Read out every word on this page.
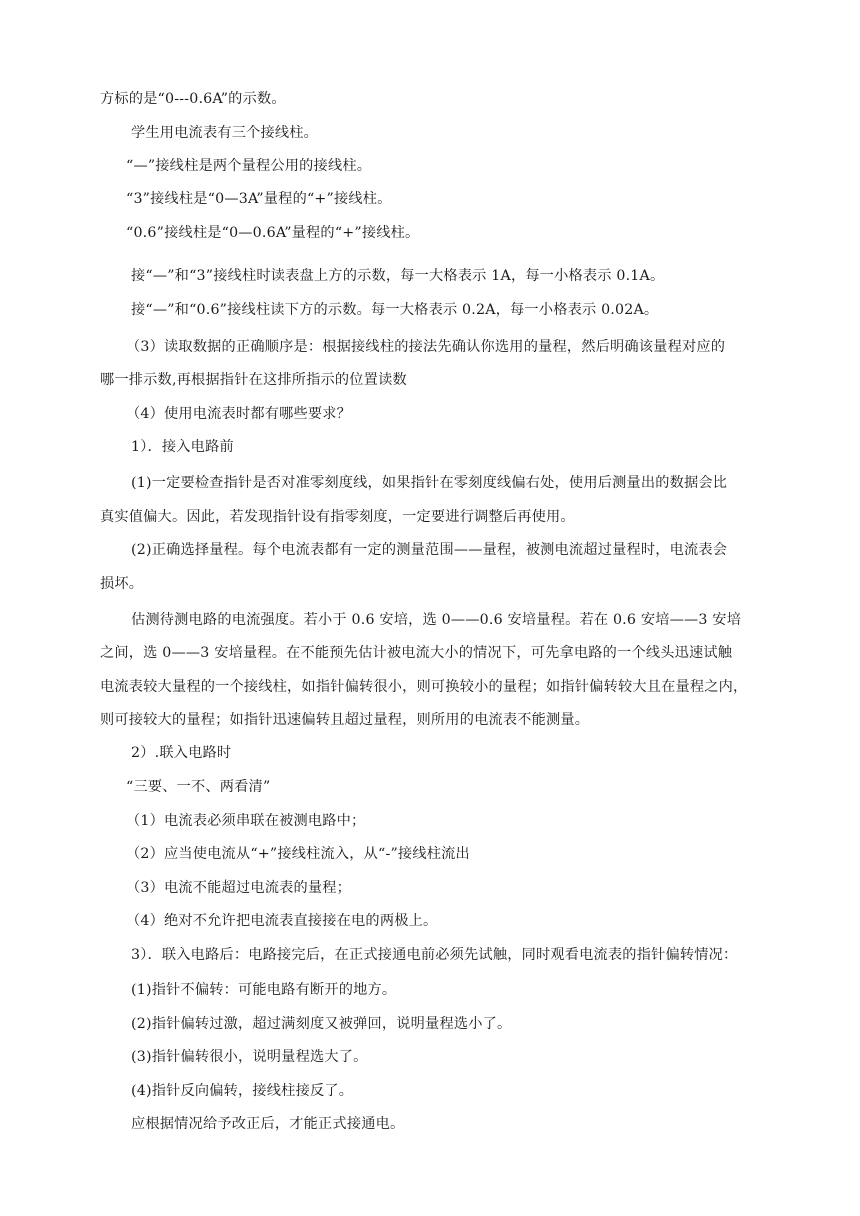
方标的是“0---0.6A”的示数。
学生用电流表有三个接线柱。
“—”接线柱是两个量程公用的接线柱。
“3”接线柱是“0—3A”量程的“+”接线柱。
“0.6”接线柱是“0—0.6A”量程的“+”接线柱。
接“—”和“3”接线柱时读表盘上方的示数，每一大格表示 1A，每一小格表示 0.1A。
接“—”和“0.6”接线柱读下方的示数。每一大格表示 0.2A，每一小格表示 0.02A。
（3）读取数据的正确顺序是：根据接线柱的接法先确认你选用的量程，然后明确该量程对应的
哪一排示数,再根据指针在这排所指示的位置读数
（4）使用电流表时都有哪些要求？
1）．接入电路前
(1)一定要检查指针是否对准零刻度线，如果指针在零刻度线偏右处，使用后测量出的数据会比
真实值偏大。因此，若发现指针设有指零刻度，一定要进行调整后再使用。
(2)正确选择量程。每个电流表都有一定的测量范围——量程，被测电流超过量程时，电流表会
损坏。
估测待测电路的电流强度。若小于 0.6 安培，选 0——0.6 安培量程。若在 0.6 安培——3 安培
之间，选 0——3 安培量程。在不能预先估计被电流大小的情况下，可先拿电路的一个线头迅速试触
电流表较大量程的一个接线柱，如指针偏转很小，则可换较小的量程；如指针偏转较大且在量程之内，
则可接较大的量程；如指针迅速偏转且超过量程，则所用的电流表不能测量。
2）.联入电路时
“三要、一不、两看清”
（1）电流表必须串联在被测电路中；
（2）应当使电流从“+”接线柱流入，从“-”接线柱流出
（3）电流不能超过电流表的量程；
（4）绝对不允许把电流表直接接在电的两极上。
3）．联入电路后：电路接完后，在正式接通电前必须先试触，同时观看电流表的指针偏转情况：
(1)指针不偏转：可能电路有断开的地方。
(2)指针偏转过激，超过满刻度又被弹回，说明量程选小了。
(3)指针偏转很小，说明量程选大了。
(4)指针反向偏转，接线柱接反了。
应根据情况给予改正后，才能正式接通电。
